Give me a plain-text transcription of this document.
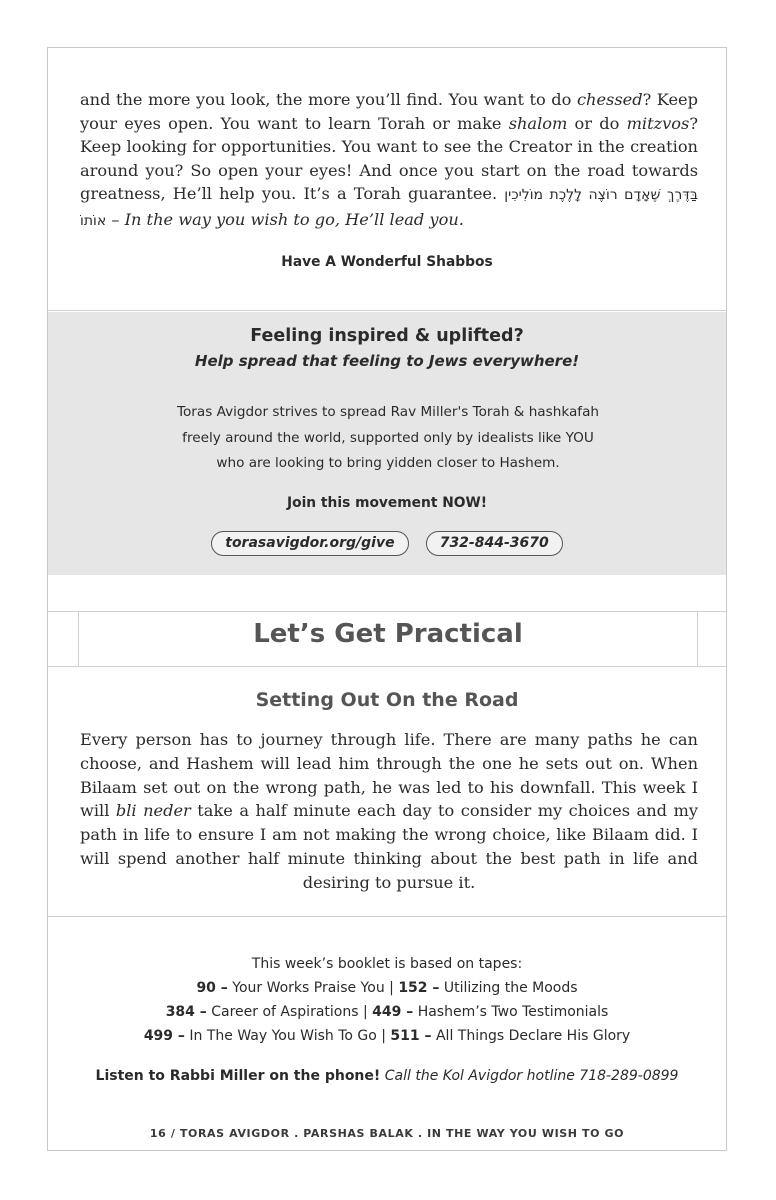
and the more you look, the more you’ll find. You want to do chessed? Keep your eyes open. You want to learn Torah or make shalom or do mitzvos? Keep looking for opportunities. You want to see the Creator in the creation around you? So open your eyes! And once you start on the road towards greatness, He’ll help you. It’s a Torah guarantee. בַּדֶּרֶךְ שֶׁאָדָם רוֹצֶה לָלֶכֶת מוֹלִיכִין אוֹתוֹ – In the way you wish to go, He’ll lead you.

Have A Wonderful Shabbos
Feeling inspired & uplifted?
Help spread that feeling to Jews everywhere!
Toras Avigdor strives to spread Rav Miller's Torah & hashkafah
freely around the world, supported only by idealists like YOU
who are looking to bring yidden closer to Hashem.
Join this movement NOW!
torasavigdor.org/give	732-844-3670
Let’s Get Practical
Setting Out On the Road

Every person has to journey through life. There are many paths he can choose, and Hashem will lead him through the one he sets out on. When Bilaam set out on the wrong path, he was led to his downfall. This week I will bli neder take a half minute each day to consider my choices and my path in life to ensure I am not making the wrong choice, like Bilaam did. I will spend another half minute thinking about the best path in life and desiring to pursue it.

This week’s booklet is based on tapes:
90 – Your Works Praise You | 152 – Utilizing the Moods
384 – Career of Aspirations | 449 – Hashem’s Two Testimonials
499 – In The Way You Wish To Go | 511 – All Things Declare His Glory
Listen to Rabbi Miller on the phone! Call the Kol Avigdor hotline 718-289-0899
16 / TORAS AVIGDOR . PARSHAS BALAK . IN THE WAY YOU WISH TO GO
